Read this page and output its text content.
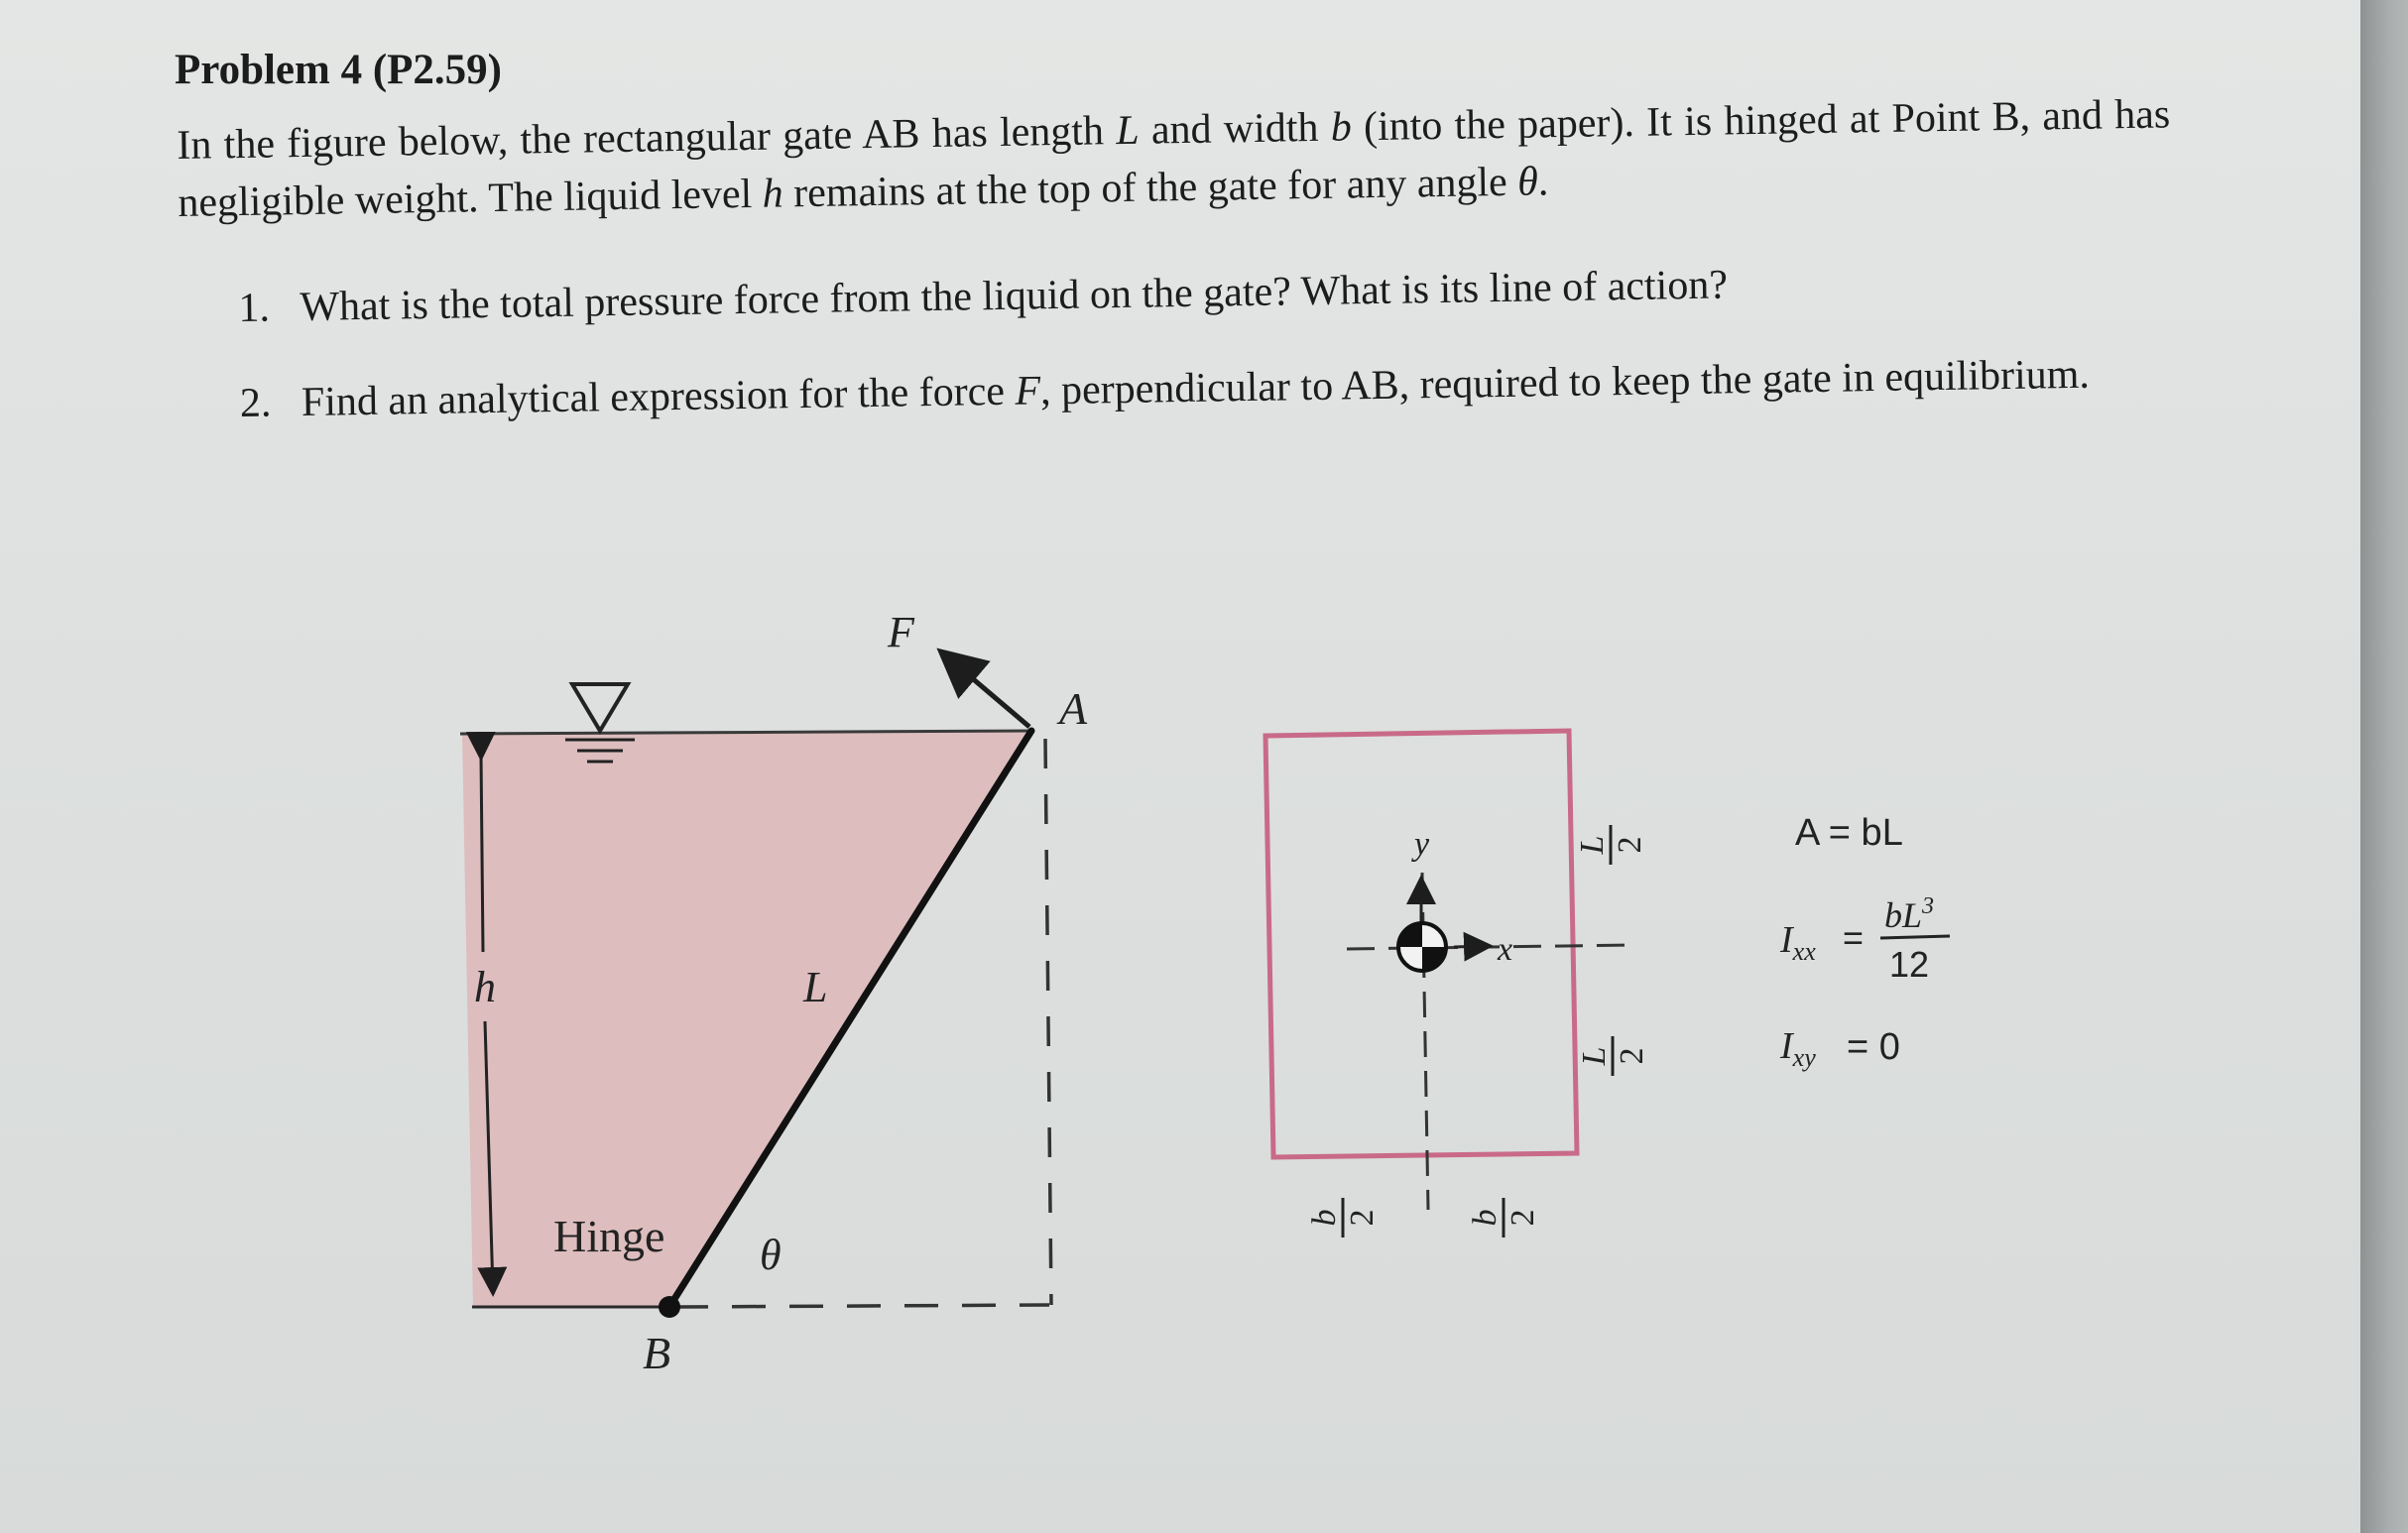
Problem 4 (P2.59)

In the figure below, the rectangular gate AB has length L and width b (into the paper). It is hinged at Point B, and has negligible weight. The liquid level h remains at the top of the gate for any angle θ.

1. What is the total pressure force from the liquid on the gate? What is its line of action?
2. Find an analytical expression for the force F, perpendicular to AB, required to keep the gate in equilibrium.
F
A
h	L
Hinge θ
B
y
x
L 2
L 2
b 2	b 2
A = bL
$I_{xx}$ =
$bL^3$
12
$I_{xy} = 0$
